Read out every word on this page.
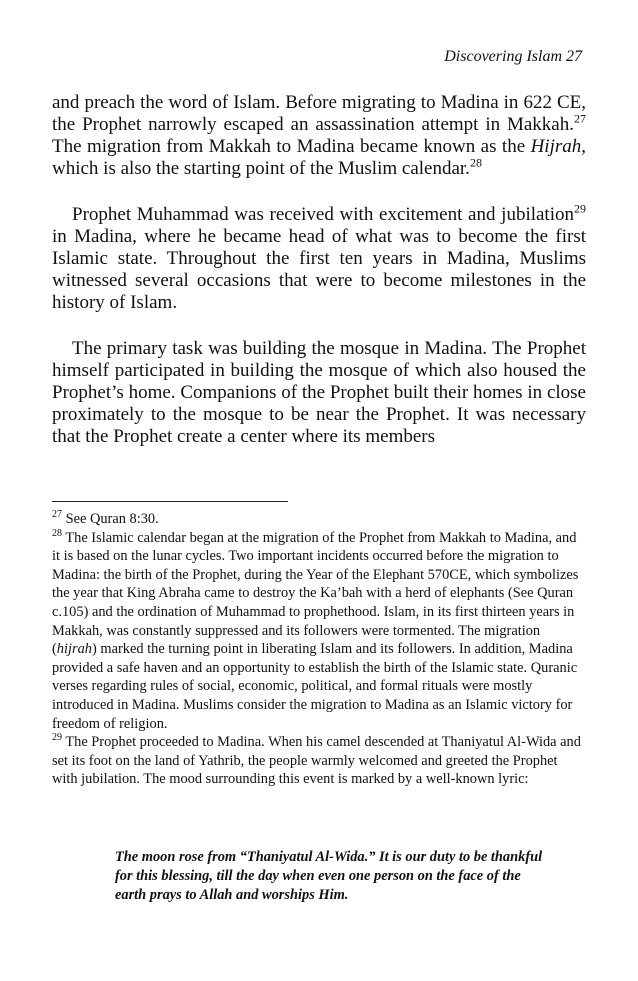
Discovering Islam 27

and preach the word of Islam. Before migrating to Madina in 622 CE, the Prophet narrowly escaped an assassination attempt in Makkah.$^{27}$ The migration from Makkah to Madina became known as the Hijrah, which is also the starting point of the Muslim calendar.$^{28}$

Prophet Muhammad was received with excitement and jubilation$^{29}$ in Madina, where he became head of what was to become the first Islamic state. Throughout the first ten years in Madina, Muslims witnessed several occasions that were to become milestones in the history of Islam.

The primary task was building the mosque in Madina. The Prophet himself participated in building the mosque of which also housed the Prophet’s home. Companions of the Prophet built their homes in close proximately to the mosque to be near the Prophet. It was necessary that the Prophet create a center where its members

$^{27}$ See Quran 8:30.

$^{28}$ The Islamic calendar began at the migration of the Prophet from Makkah to Madina, and it is based on the lunar cycles. Two important incidents occurred before the migration to Madina: the birth of the Prophet, during the Year of the Elephant 570CE, which symbolizes the year that King Abraha came to destroy the Ka’bah with a herd of elephants (See Quran c.105) and the ordination of Muhammad to prophethood. Islam, in its first thirteen years in Makkah, was constantly suppressed and its followers were tormented. The migration (hijrah) marked the turning point in liberating Islam and its followers. In addition, Madina provided a safe haven and an opportunity to establish the birth of the Islamic state. Quranic verses regarding rules of social, economic, political, and formal rituals were mostly introduced in Madina. Muslims consider the migration to Madina as an Islamic victory for freedom of religion.

$^{29}$ The Prophet proceeded to Madina. When his camel descended at Thaniyatul Al-Wida and set its foot on the land of Yathrib, the people warmly welcomed and greeted the Prophet with jubilation. The mood surrounding this event is marked by a well-known lyric:

The moon rose from “Thaniyatul Al-Wida.” It is our duty to be thankful for this blessing, till the day when even one person on the face of the earth prays to Allah and worships Him.
